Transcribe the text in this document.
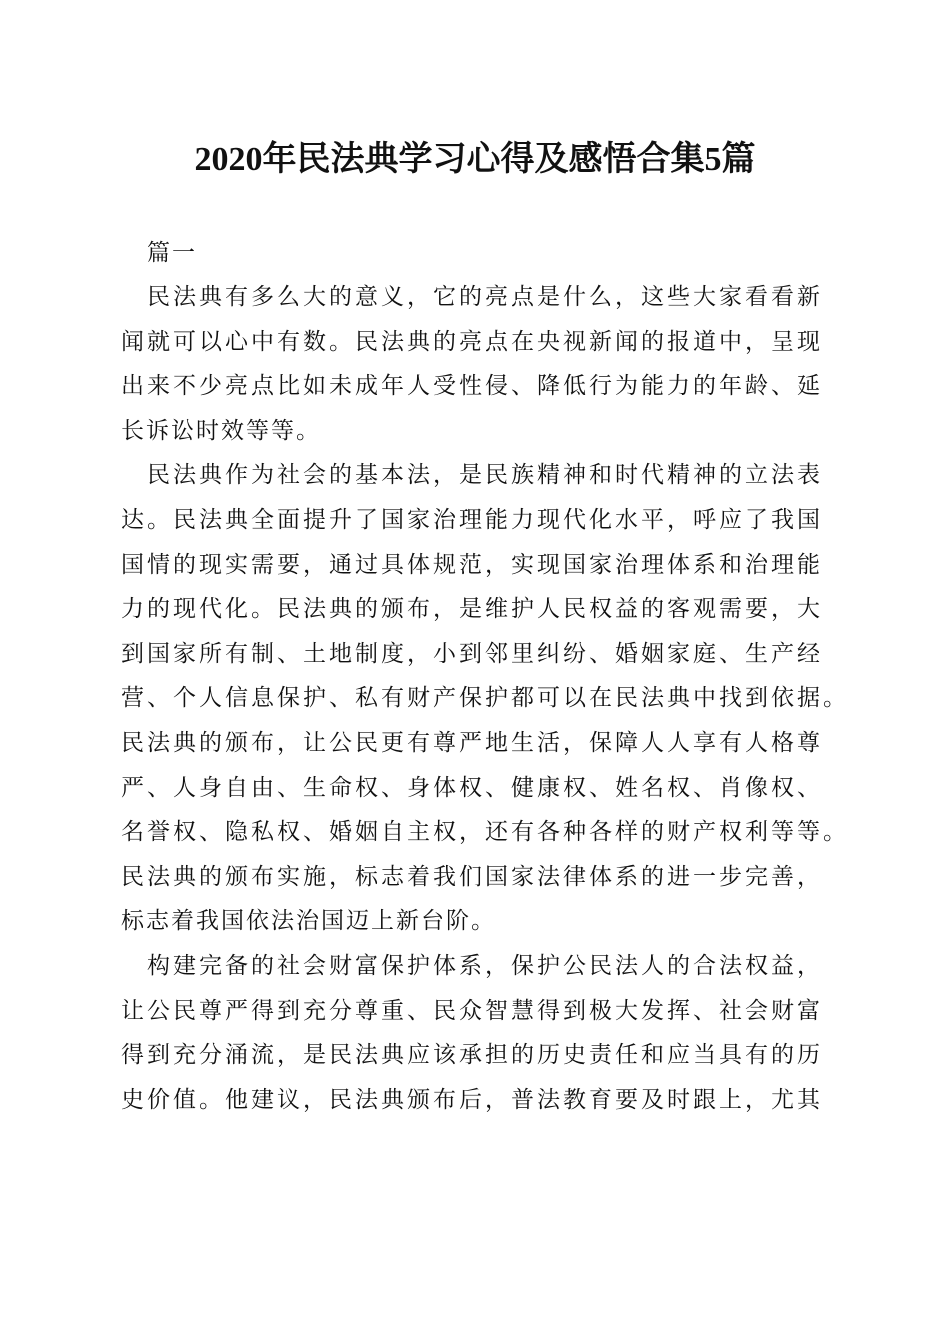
2020年民法典学习心得及感悟合集5篇
篇一
民法典有多么大的意义，它的亮点是什么，这些大家看看新
闻就可以心中有数。民法典的亮点在央视新闻的报道中，呈现
出来不少亮点比如未成年人受性侵、降低行为能力的年龄、延
长诉讼时效等等。
民法典作为社会的基本法，是民族精神和时代精神的立法表
达。民法典全面提升了国家治理能力现代化水平，呼应了我国
国情的现实需要，通过具体规范，实现国家治理体系和治理能
力的现代化。民法典的颁布，是维护人民权益的客观需要，大
到国家所有制、土地制度，小到邻里纠纷、婚姻家庭、生产经
营、个人信息保护、私有财产保护都可以在民法典中找到依据。
民法典的颁布，让公民更有尊严地生活，保障人人享有人格尊
严、人身自由、生命权、身体权、健康权、姓名权、肖像权、
名誉权、隐私权、婚姻自主权，还有各种各样的财产权利等等。
民法典的颁布实施，标志着我们国家法律体系的进一步完善，
标志着我国依法治国迈上新台阶。
构建完备的社会财富保护体系，保护公民法人的合法权益，
让公民尊严得到充分尊重、民众智慧得到极大发挥、社会财富
得到充分涌流，是民法典应该承担的历史责任和应当具有的历
史价值。他建议，民法典颁布后，普法教育要及时跟上，尤其
